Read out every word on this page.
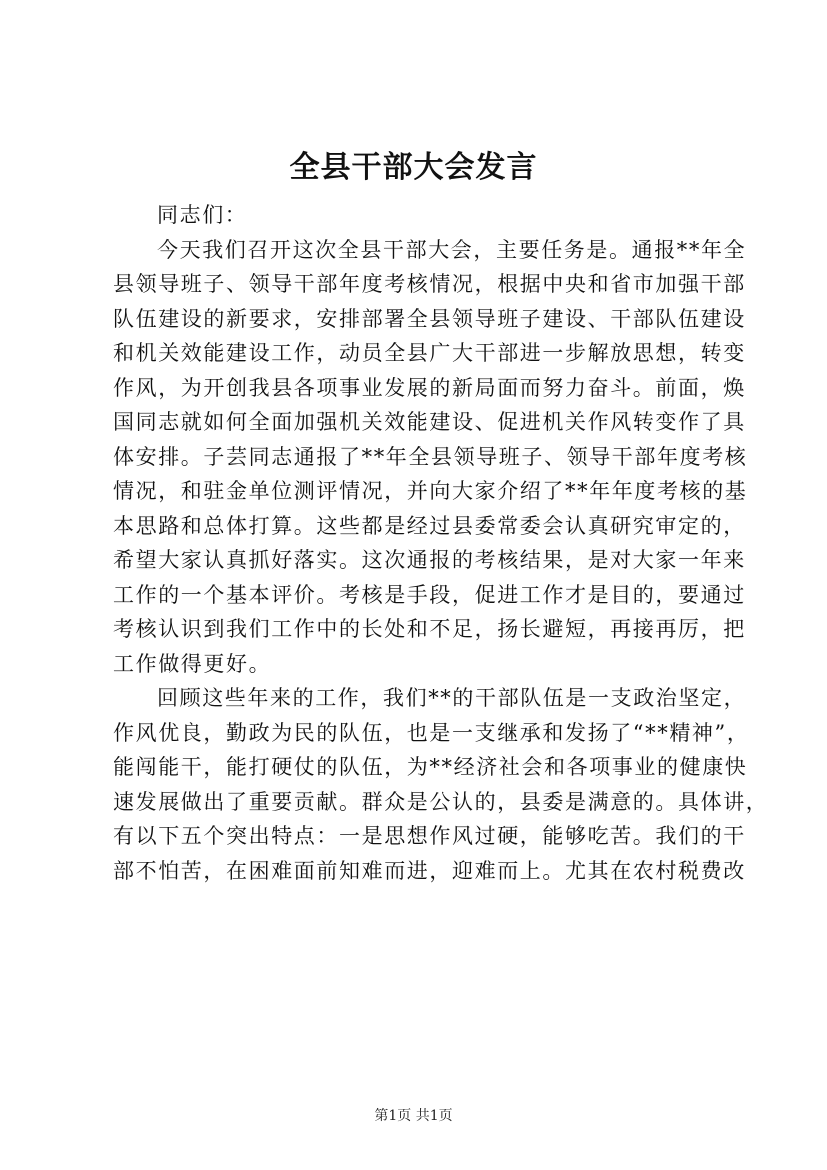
全县干部大会发言

同志们：

今天我们召开这次全县干部大会，主要任务是。通报**年全

县领导班子、领导干部年度考核情况，根据中央和省市加强干部

队伍建设的新要求，安排部署全县领导班子建设、干部队伍建设

和机关效能建设工作，动员全县广大干部进一步解放思想，转变

作风，为开创我县各项事业发展的新局面而努力奋斗。前面，焕

国同志就如何全面加强机关效能建设、促进机关作风转变作了具

体安排。子芸同志通报了**年全县领导班子、领导干部年度考核

情况，和驻金单位测评情况，并向大家介绍了**年年度考核的基

本思路和总体打算。这些都是经过县委常委会认真研究审定的，

希望大家认真抓好落实。这次通报的考核结果，是对大家一年来

工作的一个基本评价。考核是手段，促进工作才是目的，要通过

考核认识到我们工作中的长处和不足，扬长避短，再接再厉，把

工作做得更好。

回顾这些年来的工作，我们**的干部队伍是一支政治坚定，

作风优良，勤政为民的队伍，也是一支继承和发扬了“**精神”，

能闯能干，能打硬仗的队伍，为**经济社会和各项事业的健康快

速发展做出了重要贡献。群众是公认的，县委是满意的。具体讲，

有以下五个突出特点：一是思想作风过硬，能够吃苦。我们的干

部不怕苦，在困难面前知难而进，迎难而上。尤其在农村税费改

第1页 共1页
